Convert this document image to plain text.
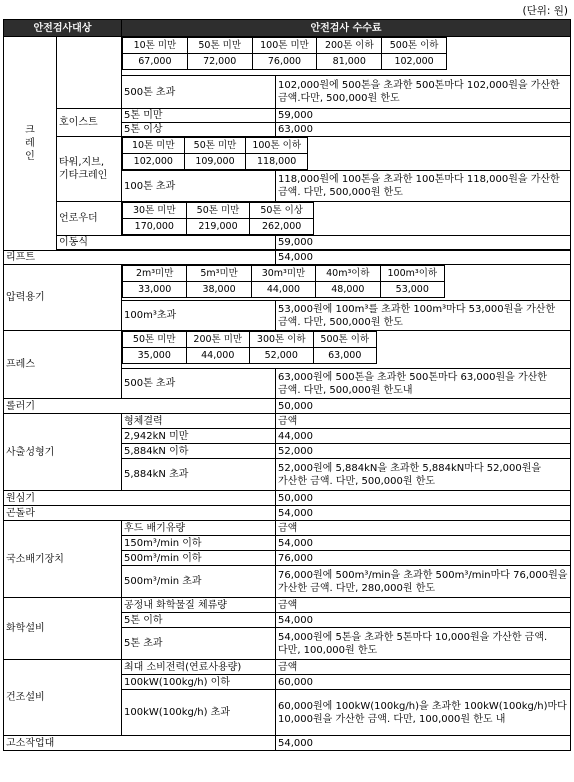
(단위: 원)
안전검사대상	안전검사 수수료
크
레
인		
10톤 미만	50톤 미만	100톤 미만	200톤 이하	500톤 이하
67,000	72,000	76,000	81,000	102,000

500톤 초과	102,000원에 500톤을 초과한 500톤마다 102,000원을 가산한 금액.다만, 500,000원 한도
호이스트	5톤 미만	59,000
5톤 이상	63,000
타워,지브,
기타크레인	
10톤 미만	50톤 미만	100톤 이하
102,000	109,000	118,000

100톤 초과	118,000원에 100톤을 초과한 100톤마다 118,000원을 가산한 금액. 다만, 500,000원 한도
언로우더	
30톤 미만	50톤 미만	50톤 이상
170,000	219,000	262,000

이동식	59,000

리프트	54,000
압력용기	
2m³미만	5m³미만	30m³미만	40m³이하	100m³이하
33,000	38,000	44,000	48,000	53,000

100m³초과	53,000원에 100m³를 초과한 100m³마다 53,000원을 가산한 금액. 다만, 500,000원 한도
프레스	
50톤 미만	200톤 미만	300톤 이하	500톤 이하
35,000	44,000	52,000	63,000

500톤 초과	63,000원에 500톤을 초과한 500톤마다 63,000원을 가산한 금액. 다만, 500,000원 한도내
롤러기	50,000
사출성형기	형체결력	금액
2,942kN 미만	44,000
5,884kN 이하	52,000
5,884kN 초과	52,000원에 5,884kN을 초과한 5,884kN마다 52,000원을 가산한 금액. 다만, 500,000원 한도
원심기	50,000
곤돌라	54,000
국소배기장치	후드 배기유량	금액
150m³/min 이하	54,000
500m³/min 이하	76,000
500m³/min 초과	76,000원에 500m³/min을 초과한 500m³/min마다 76,000원을 가산한 금액. 다만, 280,000원 한도
화학설비	공정내 화학물질 체류량	금액
5톤 이하	54,000
5톤 초과	54,000원에 5톤을 초과한 5톤마다 10,000원을 가산한 금액. 다만, 100,000원 한도
건조설비	최대 소비전력(연료사용량)	금액
100kW(100kg/h) 이하	60,000
100kW(100kg/h) 초과	60,000원에 100kW(100kg/h)을 초과한 100kW(100kg/h)마다 10,000원을 가산한 금액. 다만, 100,000원 한도 내
고소작업대	54,000
